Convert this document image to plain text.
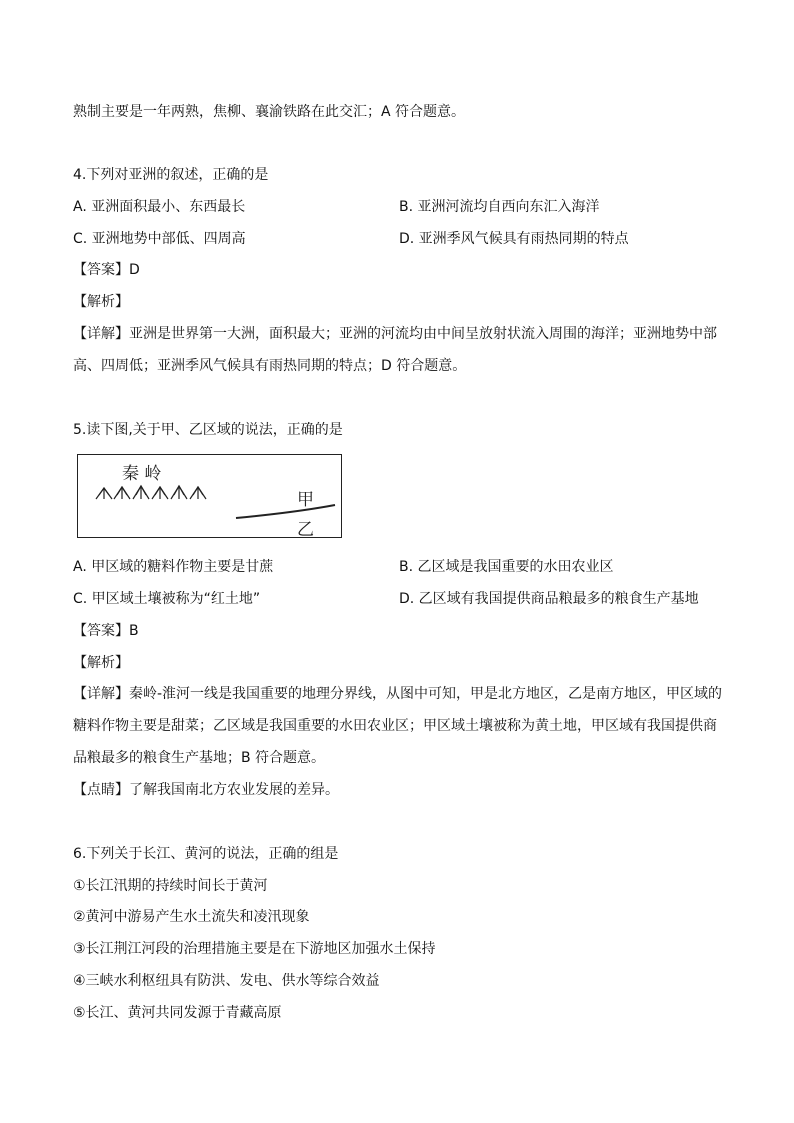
熟制主要是一年两熟，焦柳、襄渝铁路在此交汇；A 符合题意。
4.下列对亚洲的叙述，正确的是
A. 亚洲面积最小、东西最长	B. 亚洲河流均自西向东汇入海洋
C. 亚洲地势中部低、四周高	D. 亚洲季风气候具有雨热同期的特点
【答案】D
【解析】
【详解】亚洲是世界第一大洲，面积最大；亚洲的河流均由中间呈放射状流入周围的海洋；亚洲地势中部
高、四周低；亚洲季风气候具有雨热同期的特点；D 符合题意。
5.读下图,关于甲、乙区域的说法，正确的是
秦 岭
甲
乙
A. 甲区域的糖料作物主要是甘蔗	B. 乙区域是我国重要的水田农业区
C. 甲区域土壤被称为“红土地”	D. 乙区域有我国提供商品粮最多的粮食生产基地
【答案】B
【解析】
【详解】秦岭-淮河一线是我国重要的地理分界线，从图中可知，甲是北方地区，乙是南方地区，甲区域的
糖料作物主要是甜菜；乙区域是我国重要的水田农业区；甲区域土壤被称为黄土地，甲区域有我国提供商
品粮最多的粮食生产基地；B 符合题意。
【点睛】了解我国南北方农业发展的差异。
6.下列关于长江、黄河的说法，正确的组是
①长江汛期的持续时间长于黄河
②黄河中游易产生水土流失和凌汛现象
③长江荆江河段的治理措施主要是在下游地区加强水土保持
④三峡水利枢纽具有防洪、发电、供水等综合效益
⑤长江、黄河共同发源于青藏高原
